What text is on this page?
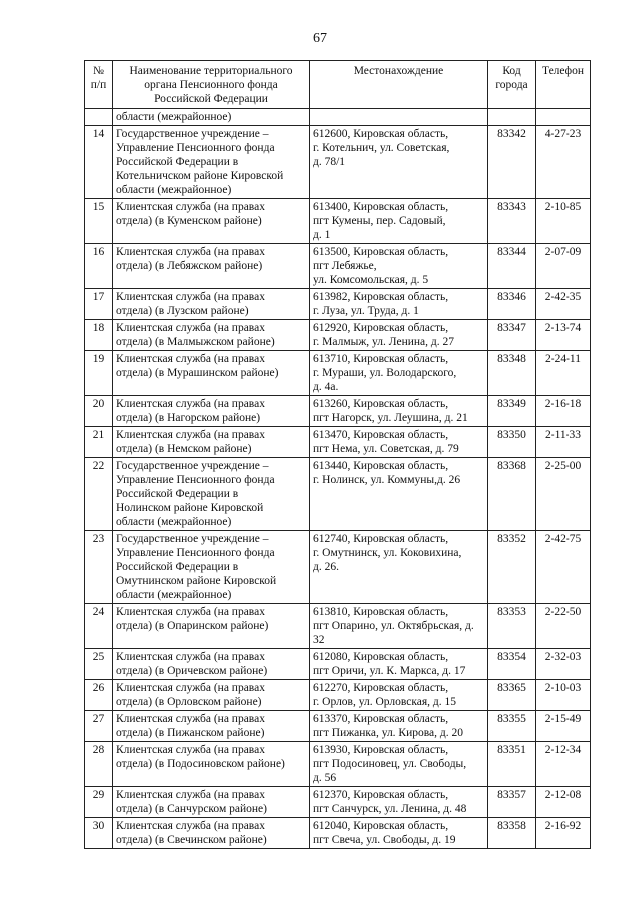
67
№
п/п	Наименование территориального
органа Пенсионного фонда
Российской Федерации	Местонахождение	Код
города	Телефон

	области (межрайонное)			
14	Государственное учреждение –
Управление Пенсионного фонда
Российской Федерации в
Котельничском районе Кировской
области (межрайонное)	612600, Кировская область,
г. Котельнич, ул. Советская,
д. 78/1	83342	4-27-23
15	Клиентская служба (на правах
отдела) (в Куменском районе)	613400, Кировская область,
пгт Кумены, пер. Садовый,
д. 1	83343	2-10-85
16	Клиентская служба (на правах
отдела) (в Лебяжском районе)	613500, Кировская область,
пгт Лебяжье,
ул. Комсомольская, д. 5	83344	2-07-09
17	Клиентская служба (на правах
отдела) (в Лузском районе)	613982, Кировская область,
г. Луза, ул. Труда, д. 1	83346	2-42-35
18	Клиентская служба (на правах
отдела) (в Малмыжском районе)	612920, Кировская область,
г. Малмыж, ул. Ленина, д. 27	83347	2-13-74
19	Клиентская служба (на правах
отдела) (в Мурашинском районе)	613710, Кировская область,
г. Мураши, ул. Володарского,
д. 4а.	83348	2-24-11
20	Клиентская служба (на правах
отдела) (в Нагорском районе)	613260, Кировская область,
пгт Нагорск, ул. Леушина, д. 21	83349	2-16-18
21	Клиентская служба (на правах
отдела) (в Немском районе)	613470, Кировская область,
пгт Нема, ул. Советская, д. 79	83350	2-11-33
22	Государственное учреждение –
Управление Пенсионного фонда
Российской Федерации в
Нолинском районе Кировской
области (межрайонное)	613440, Кировская область,
г. Нолинск, ул. Коммуны,д. 26	83368	2-25-00
23	Государственное учреждение –
Управление Пенсионного фонда
Российской Федерации в
Омутнинском районе Кировской
области (межрайонное)	612740, Кировская область,
г. Омутнинск, ул. Коковихина,
д. 26.	83352	2-42-75
24	Клиентская служба (на правах
отдела) (в Опаринском районе)	613810, Кировская область,
пгт Опарино, ул. Октябрьская, д.
32	83353	2-22-50
25	Клиентская служба (на правах
отдела) (в Оричевском районе)	612080, Кировская область,
пгт Оричи, ул. К. Маркса, д. 17	83354	2-32-03
26	Клиентская служба (на правах
отдела) (в Орловском районе)	612270, Кировская область,
г. Орлов, ул. Орловская, д. 15	83365	2-10-03
27	Клиентская служба (на правах
отдела) (в Пижанском районе)	613370, Кировская область,
пгт Пижанка, ул. Кирова, д. 20	83355	2-15-49
28	Клиентская служба (на правах
отдела) (в Подосиновском районе)	613930, Кировская область,
пгт Подосиновец, ул. Свободы,
д. 56	83351	2-12-34
29	Клиентская служба (на правах
отдела) (в Санчурском районе)	612370, Кировская область,
пгт Санчурск, ул. Ленина, д. 48	83357	2-12-08
30	Клиентская служба (на правах
отдела) (в Свечинском районе)	612040, Кировская область,
пгт Свеча, ул. Свободы, д. 19	83358	2-16-92
